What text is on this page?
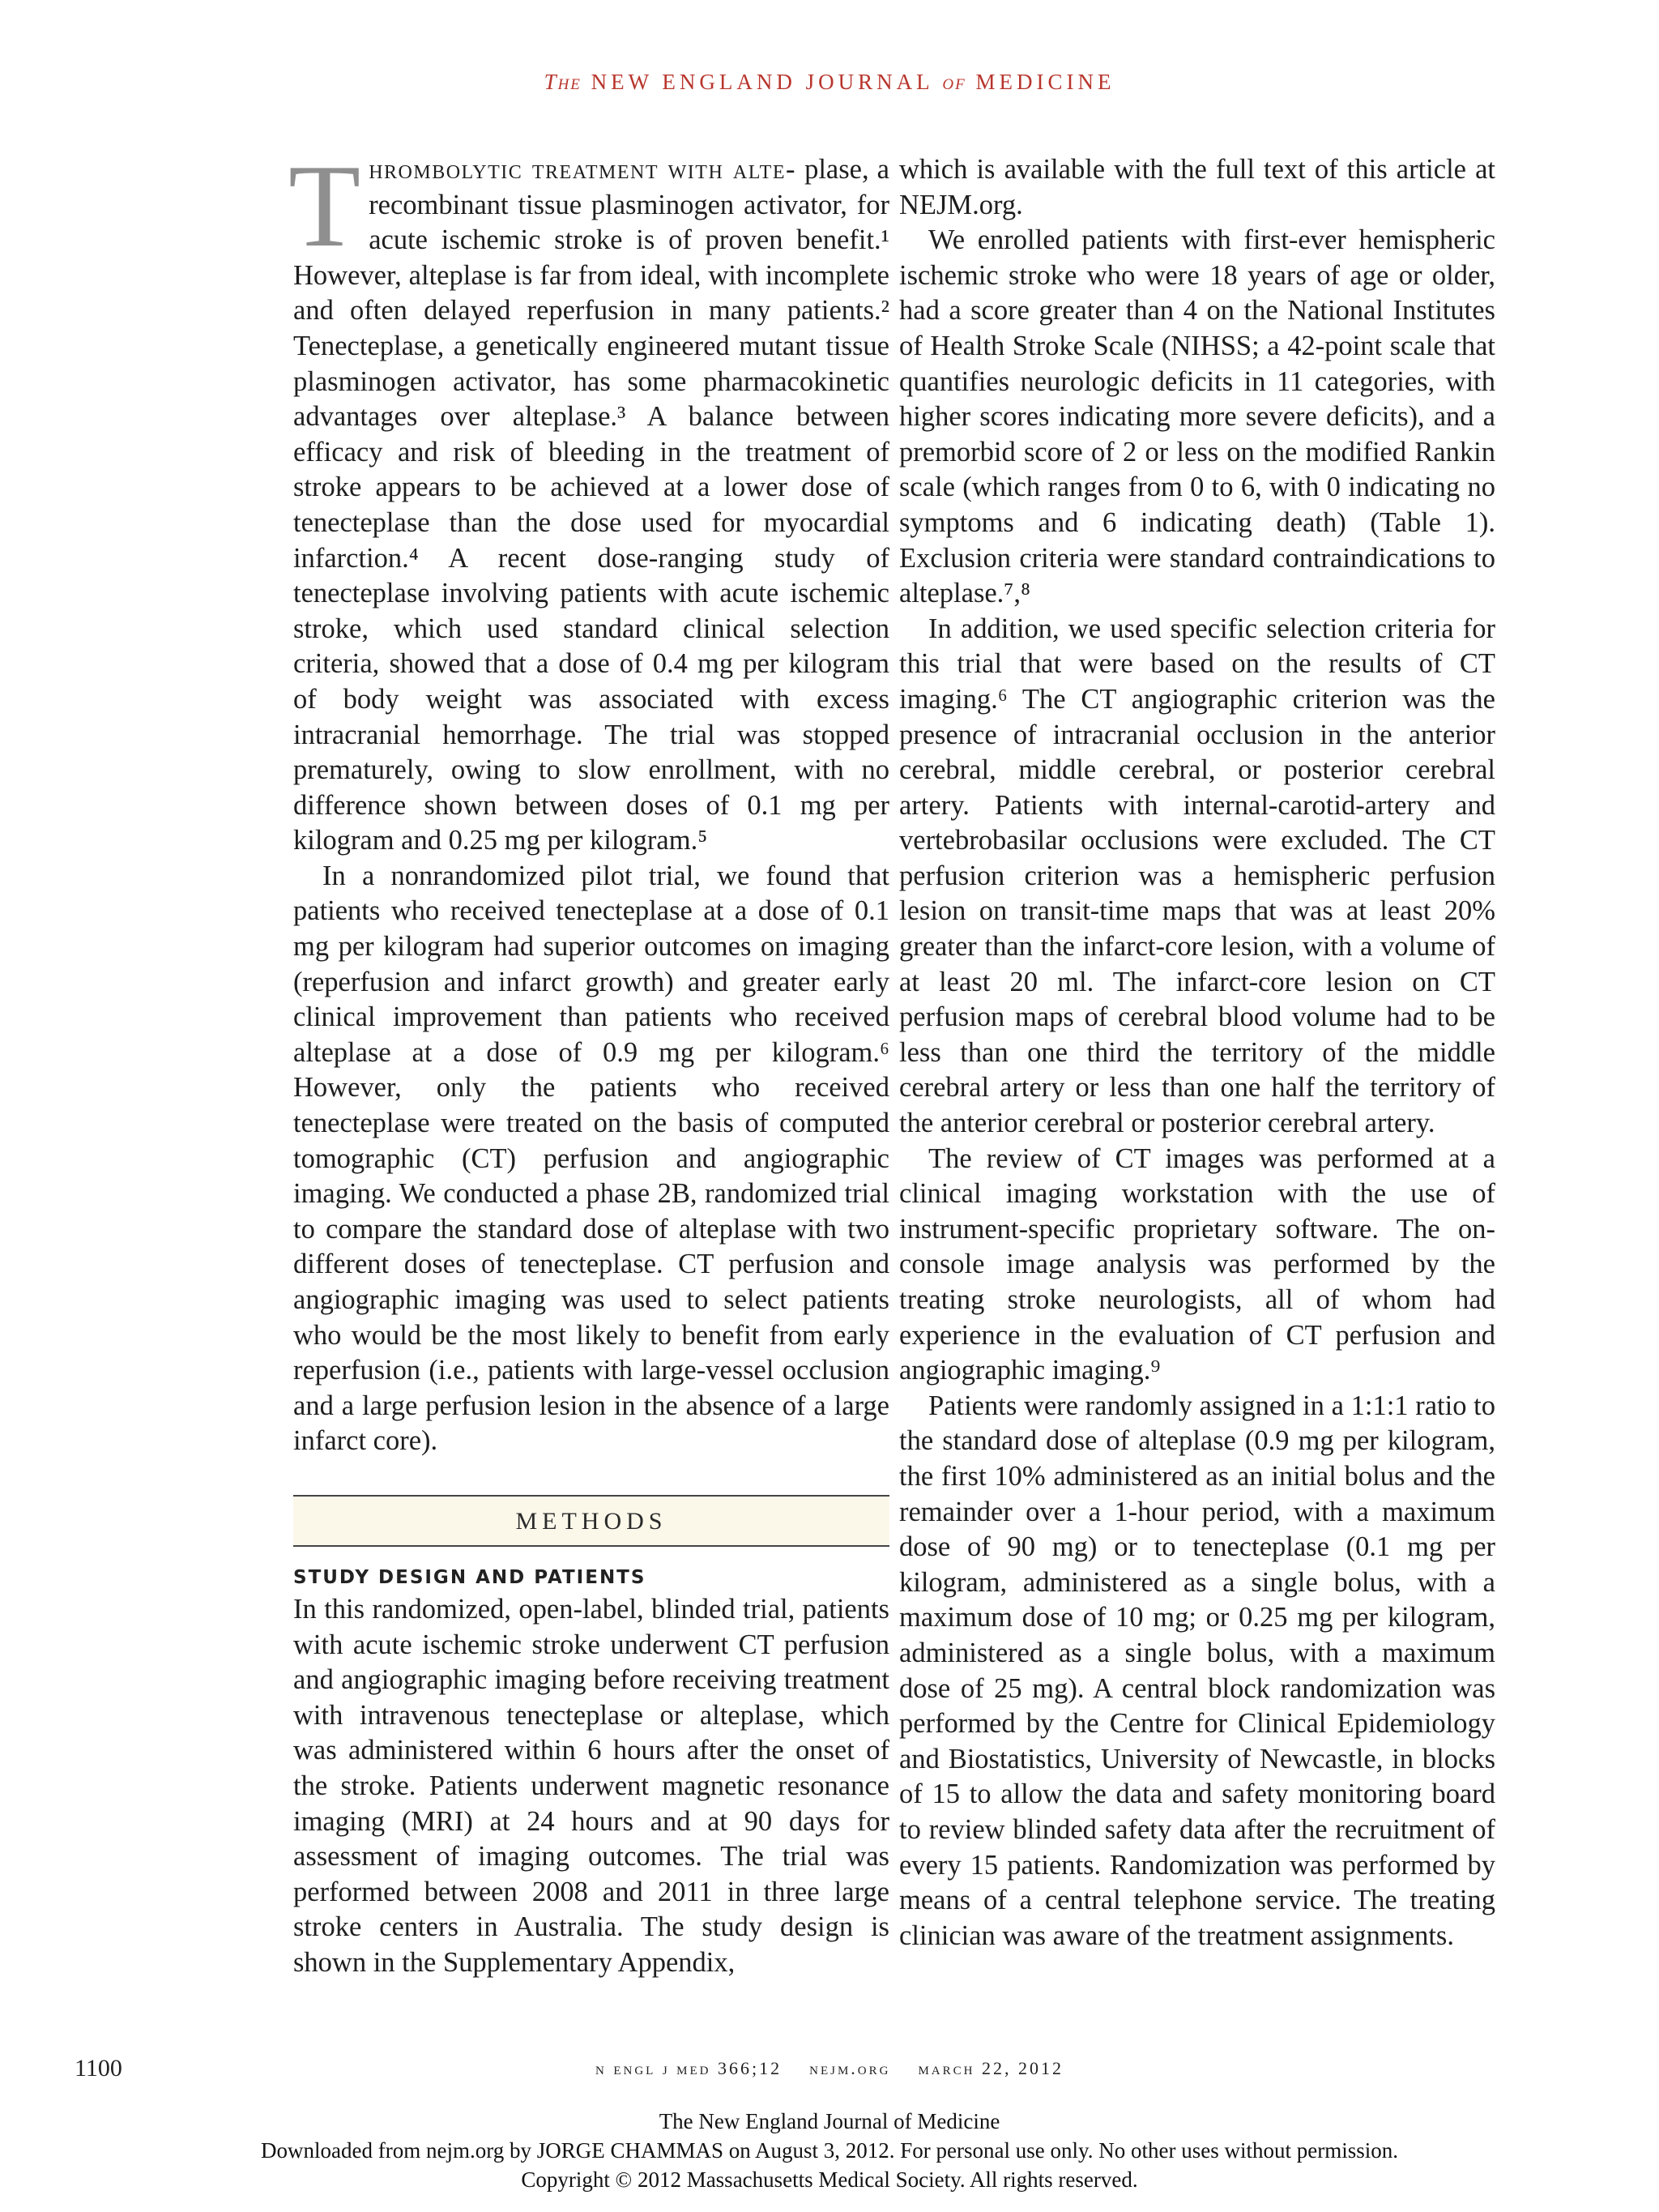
The NEW ENGLAND JOURNAL of MEDICINE

Thrombolytic treatment with alte- plase, a recombinant tissue plasminogen activator, for acute ischemic stroke is of proven benefit.¹ However, alteplase is far from ideal, with incomplete and often delayed reperfusion in many patients.² Tenecteplase, a genetically engineered mutant tissue plasminogen activator, has some pharmacokinetic advantages over alteplase.³ A balance between efficacy and risk of bleeding in the treatment of stroke appears to be achieved at a lower dose of tenecteplase than the dose used for myocardial infarction.⁴ A recent dose-ranging study of tenecteplase involving patients with acute ischemic stroke, which used standard clinical selection criteria, showed that a dose of 0.4 mg per kilogram of body weight was associated with excess intracranial hemorrhage. The trial was stopped prematurely, owing to slow enrollment, with no difference shown between doses of 0.1 mg per kilogram and 0.25 mg per kilogram.⁵

In a nonrandomized pilot trial, we found that patients who received tenecteplase at a dose of 0.1 mg per kilogram had superior outcomes on imaging (reperfusion and infarct growth) and greater early clinical improvement than patients who received alteplase at a dose of 0.9 mg per kilogram.⁶ However, only the patients who received tenecteplase were treated on the basis of computed tomographic (CT) perfusion and angiographic imaging. We conducted a phase 2B, randomized trial to compare the standard dose of alteplase with two different doses of tenecteplase. CT perfusion and angiographic imaging was used to select patients who would be the most likely to benefit from early reperfusion (i.e., patients with large-vessel occlusion and a large perfusion lesion in the absence of a large infarct core).

METHODS
STUDY DESIGN AND PATIENTS

In this randomized, open-label, blinded trial, patients with acute ischemic stroke underwent CT perfusion and angiographic imaging before receiving treatment with intravenous tenecteplase or alteplase, which was administered within 6 hours after the onset of the stroke. Patients underwent magnetic resonance imaging (MRI) at 24 hours and at 90 days for assessment of imaging outcomes. The trial was performed between 2008 and 2011 in three large stroke centers in Australia. The study design is shown in the Supplementary Appendix,

which is available with the full text of this article at NEJM.org.

We enrolled patients with first-ever hemispheric ischemic stroke who were 18 years of age or older, had a score greater than 4 on the National Institutes of Health Stroke Scale (NIHSS; a 42-point scale that quantifies neurologic deficits in 11 categories, with higher scores indicating more severe deficits), and a premorbid score of 2 or less on the modified Rankin scale (which ranges from 0 to 6, with 0 indicating no symptoms and 6 indicating death) (Table 1). Exclusion criteria were standard contraindications to alteplase.⁷,⁸

In addition, we used specific selection criteria for this trial that were based on the results of CT imaging.⁶ The CT angiographic criterion was the presence of intracranial occlusion in the anterior cerebral, middle cerebral, or posterior cerebral artery. Patients with internal-carotid-artery and vertebrobasilar occlusions were excluded. The CT perfusion criterion was a hemispheric perfusion lesion on transit-time maps that was at least 20% greater than the infarct-core lesion, with a volume of at least 20 ml. The infarct-core lesion on CT perfusion maps of cerebral blood volume had to be less than one third the territory of the middle cerebral artery or less than one half the territory of the anterior cerebral or posterior cerebral artery.

The review of CT images was performed at a clinical imaging workstation with the use of instrument-specific proprietary software. The on-console image analysis was performed by the treating stroke neurologists, all of whom had experience in the evaluation of CT perfusion and angiographic imaging.⁹

Patients were randomly assigned in a 1:1:1 ratio to the standard dose of alteplase (0.9 mg per kilogram, the first 10% administered as an initial bolus and the remainder over a 1-hour period, with a maximum dose of 90 mg) or to tenecteplase (0.1 mg per kilogram, administered as a single bolus, with a maximum dose of 10 mg; or 0.25 mg per kilogram, administered as a single bolus, with a maximum dose of 25 mg). A central block randomization was performed by the Centre for Clinical Epidemiology and Biostatistics, University of Newcastle, in blocks of 15 to allow the data and safety monitoring board to review blinded safety data after the recruitment of every 15 patients. Randomization was performed by means of a central telephone service. The treating clinician was aware of the treatment assignments.

1100	n engl j med 366;12    nejm.org    march 22, 2012
The New England Journal of Medicine
Downloaded from nejm.org by JORGE CHAMMAS on August 3, 2012. For personal use only. No other uses without permission.
Copyright © 2012 Massachusetts Medical Society. All rights reserved.
